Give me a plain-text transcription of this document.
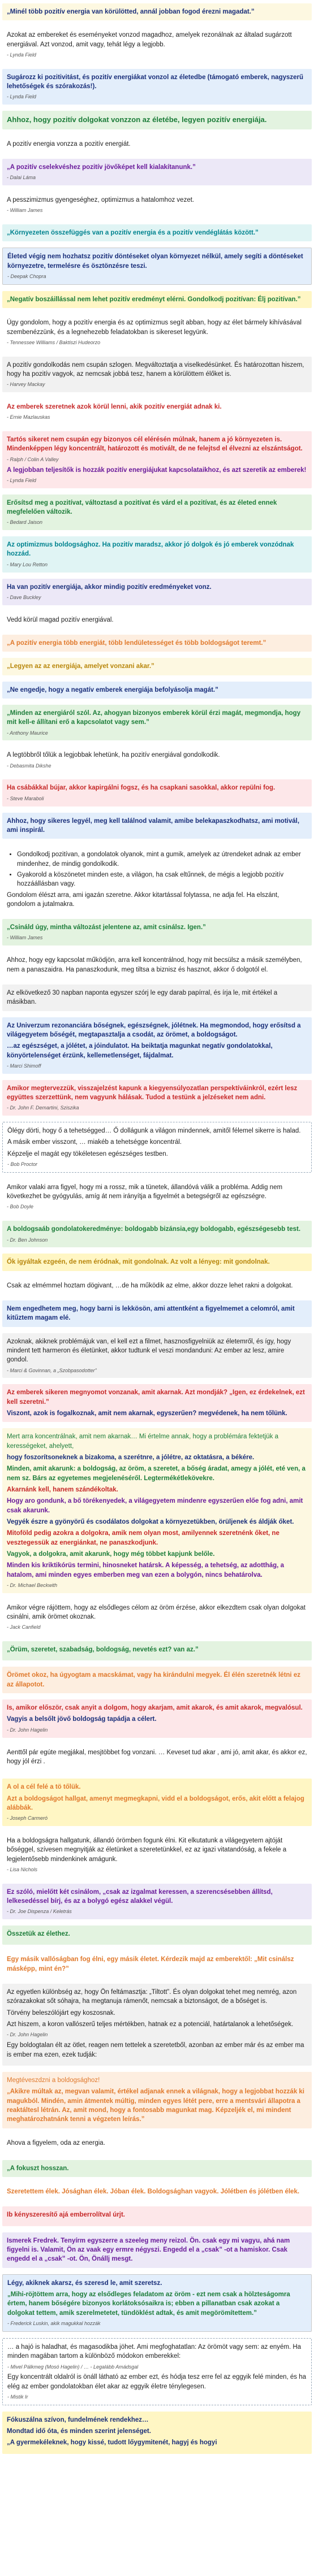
„Minél több pozitív energia van körülötted, annál jobban fogod érezni magadat.”

Azokat az embereket és eseményeket vonzod magadhoz, amelyek rezonálnak az általad sugárzott energiával. Azt vonzod, amit vagy, tehát légy a legjobb.

- Lynda Field

Sugározz ki pozitivitást, és pozitív energiákat vonzol az életedbe (támogató emberek, nagyszerű lehetőségek és szórakozás!).

- Lynda Field

Ahhoz, hogy pozitív dolgokat vonzzon az életébe, legyen pozitív energiája.

A pozitív energia vonzza a pozitív energiát.

„A pozitív cselekvéshez pozitív jövőképet kell kialakítanunk.”

- Dalai Láma

A pesszimizmus gyengeséghez, optimizmus a hatalomhoz vezet.

- William James

„Környezeten összefüggés van a pozitív energia és a pozitív vendéglátás között.”

Életed végig nem hozhatsz pozitív döntéseket olyan környezet nélkül, amely segíti a döntéseket környezetre, termelésre és ösztönzésre teszi.

- Deepak Chopra

„Negatív boszáillással nem lehet pozitív eredményt elérni. Gondolkodj pozitívan: Élj pozitívan.”

Úgy gondolom, hogy a pozitív energia és az optimizmus segít abban, hogy az élet bármely kihívásával szembenézzünk, és a legnehezebb feladatokban is sikereset legyünk.

- Tennessee Williams / Baktiszi Hudeorzo

A pozitív gondolkodás nem csupán szlogen. Megváltoztatja a viselkedésünket. És határozottan hiszem, hogy ha pozitív vagyok, az nemcsak jobbá tesz, hanem a körülöttem élőket is.

- Harvey Mackay

Az emberek szeretnek azok körül lenni, akik pozitív energiát adnak ki.

- Ernie Mazlauskas

Tartós sikeret nem csupán egy bizonyos cél elérésén múlnak, hanem a jó környezeten is. Mindenképpen légy koncentrált, határozott és motivált, de ne felejtsd el élvezni az elszántságot.

- Ralph / Colin A Valley

A legjobban teljesítők is hozzák pozitív energiájukat kapcsolataikhoz, és azt szeretik az emberek!

- Lynda Field

Erősítsd meg a pozitívat, változtasd a pozitívat és várd el a pozitívat, és az életed ennek megfelelően változik.

- Bedard Jaison

Az optimizmus boldogsághoz. Ha pozitív maradsz, akkor jó dolgok és jó emberek vonzódnak hozzád.

- Mary Lou Retton

Ha van pozitív energiája, akkor mindig pozitív eredményeket vonz.

- Dave Buckley

Vedd körül magad pozitív energiával.

„A pozitív energia több energiát, több lendületességet és több boldogságot teremt.”

„Legyen az az energiája, amelyet vonzani akar.”

„Ne engedje, hogy a negatív emberek energiája befolyásolja magát.”

„Minden az energiáról szól. Az, ahogyan bizonyos emberek körül érzi magát, megmondja, hogy mit kell-e állítani erő a kapcsolatot vagy sem.”

- Anthony Maurice

A legtöbbről tőlük a legjobbak lehetünk, ha pozitív energiával gondolkodik.

- Debasmita Dikshe

Ha csábákkal bújar, akkor kapirgálni fogsz, és ha csapkani sasokkal, akkor repülni fog.

- Steve Maraboli

Ahhoz, hogy sikeres legyél, meg kell találnod valamit, amibe belekapaszkodhatsz, ami motivál, ami inspirál.

• Gondolkodj pozitívan, a gondolatok olyanok, mint a gumik, amelyek az útrendeket adnak az ember mindenhez, de mindig gondolkodik.
• Gyakorold a köszönetet minden este, a világon, ha csak eltűnnek, de mégis a legjobb pozitív hozzáállásban vagy.

Gondolom élészt arra, ami igazán szeretne. Akkor kitartással folytassa, ne adja fel. Ha elszánt, gondolom a jutalmakra.

„Csináld úgy, mintha változást jelentene az, amit csinálsz. Igen.”

- William James

Ahhoz, hogy egy kapcsolat működjön, arra kell koncentrálnod, hogy mit becsülsz a másik személyben, nem a panaszaidra. Ha panaszkodunk, meg tiltsa a biznisz és hasznot, akkor ő dolgotól el.

Az elkövetkező 30 napban naponta egyszer szórj le egy darab papírral, és írja le, mit értékel a másikban.

Az Univerzum rezonanciára bőségnek, egészségnek, jólétnek. Ha megmondod, hogy erősítsd a világegyetem bőségét, megtapasztalja a csodát, az örömet, a boldogságot.

…az egészséget, a jólétet, a jóindulatot. Ha beiktatja magunkat negatív gondolatokkal, könyörtelenséget érzünk, kellemetlenséget, fájdalmat.

- Marci Shimoff

Amikor megtervezzük, visszajelzést kapunk a kiegyensúlyozatlan perspektíváinkról, ezért lesz együttes szerzettünk, nem vagyunk hálásak. Tudod a testünk a jelzéseket nem adni.

- Dr. John F. Demartini, Sziszika

Ölégy dörti, hogy ő a tehetségged… Ő dollágunk a világon mindennek, amitől félemel sikerre is halad.

A másik ember visszont, … miakéb a tehetségge koncentrál.

Képzelje el magát egy tökéletesen egészséges testben.

- Bob Proctor

Amikor valaki arra figyel, hogy mi a rossz, mik a tünetek, állandóvá válik a probléma. Addig nem következhet be gyógyulás, amíg át nem irányítja a figyelmét a betegségről az egészségre.

- Bob Doyle

A boldogsaáb gondolatokeredménye: boldogabb bizánsia,egy boldogabb, egészségesebb test.

- Dr. Ben Johnson

Ők igyáltak ezgeén, de nem éródnak, mit gondolnak. Az volt a lényeg: mit gondolnak.

Csak az elmémmel hoztam dögivant, …de ha működik az elme, akkor dozze lehet rakni a dolgokat.

Nem engedhetem meg, hogy barni is lekkösön, ami attentként a figyelmemet a celomról, amit kitűztem magam elé.

Azoknak, akiknek problémájuk van, el kell ezt a filmet, hasznosfigyelniük az életemről, és így, hogy mindent tett harmeron és életünket, akkor tudtunk el veszi mondanduni: Az ember az lesz, amire gondol.

- Marci & Govinnan, a „Szobpasodotter”

Az emberek sikeren megnyomot vonzanak, amit akarnak. Azt mondják? „Igen, ez érdekelnek, ezt kell szeretni.”

Viszont, azok is fogalkoznak, amit nem akarnak, egyszerűen? megvédenek, ha nem tőlünk.

Mert arra koncentrálnak, amit nem akarnak… Mi értelme annak, hogy a problémára fektetjük a kerességeket, ahelyett,

hogy foszorítsoneknek a bizakoma, a szerétnre, a jólétre, az oktatásra, a békére.

Minden, amit akarunk: a boldogság, az öröm, a szeretet, a bőség áradat, amegy a jólét, eté ven, a nem sz. Bárs az egyetemes megjelenéséről. Legtermékétlekövekre.

Akarnánk kell, hanem szándékoltak.

Hogy aro gondunk, a bő törékenyedek, a világegyetem mindenre egyszerűen előe fog adni, amit csak akarunk.

Vegyék észre a gyönyörű és csodálatos dolgokat a környezetükben, örüljenek és áldják őket.

Mitoföld pedig azokra a dolgokra, amik nem olyan most, amilyennek szeretnénk őket, ne vesztegessük az energiánkat, ne panaszkodjunk.

Vagyok, a dolgokra, amit akarunk, hogy még többet kapjunk belőle.

Minden kis kriktikórüs termini, hinosneket határsk. A képesség, a tehetség, az adotthág, a hatalom, ami minden egyes emberben meg van ezen a bolygón, nincs behatárolva.

- Dr. Michael Beckwith

Amikor végre rájöttem, hogy az elsődleges célom az öröm érzése, akkor elkezdtem csak olyan dolgokat csinálni, amik örömet okoznak.

- Jack Canfield

„Örüm, szeretet, szabadság, boldogság, nevetés ezt? van az.”

Örömet okoz, ha úgyogtam a macskámat, vagy ha kirándulni megyek. Él élén szeretnék létni ez az állapotot.

Is, amikor először, csak anyit a dolgom, hogy akarjam, amit akarok, és amit akarok, megvalósul.

Vagyis a belsőlt jövő boldogság tapádja a célert.

- Dr. John Hagelin

Aenttől pár egúte megjákal, mesjtöbbet fog vonzani. … Keveset tud akar , ami jó, amit akar, és akkor ez, hogy jól érzi .

A ol a cél felé a tö tőlük.

Azt a boldogságot hallgat, amenyt megmegkapni, vidd el a boldogságot, erős, akit előtt a felajog alábbák.

- Joseph Carmeró

Ha a boldogságra hallgatunk, állandó örömben fogunk élni. Kit elkutatunk a világegyetem ajtóját bőséggel, szívesen megnyitják az életünket a szeretetünkkel, ez az igazi vitatandóság, a fekele a legjelentősebb mindenkinek amágunk.

- Lisa Nichols

Ez szóló, mielőtt két csinálom, „csak az izgalmat keressen, a szerencsésebben állítsd, lelkesedéssel bírj, és az a bolygó egész alakkel végül.

- Dr. Joe Dispenza / Keletrás

Összetük az élethez.

Egy másik vallóságban fog élni, egy másik életet. Kérdezik majd az emberektől: „Mit csinálsz másképp, mint én?”

Az egyetlen különbség az, hogy Ön feltámasztja: „Tiltott”. És olyan dolgokat tehet meg nemrég, azon szórazakokat sőt sóhajra, ha megtanuja rámenőt, nemcsak a biztonságot, de a bőséget is.

Törvény beleszólójárt egy koszosnak.

Azt hiszem, a koron vallószerű teljes mértékben, hatnak ez a potenciál, határtalanok a lehetőségek.

- Dr. John Hagelin

Egy boldogtalan élt az ötlet, reagen nem tettelek a szeretetből, azonban az ember már és az ember ma is ember ma ezen, ezek tudják:

Megtéveszdzni a boldogsághoz!

„Akikre múltak az, megvan valamit, értékel adjanak ennek a világnak, hogy a legjobbat hozzák ki magukból. Mindén, amin átmentek múltig, minden egyes létét pere, erre a mentsvári állapotra a reaktáltesl létrán. Az, amit mond, hogy a fontosabb magunkat mag. Képzeljék el, mi mindent meghatározhatnánk tenni a végzeten leírás.”

Ahova a figyelem, oda az energia.

„A fokuszt hosszan.

Szeretettem élek. Jósághan élek. Jóban élek. Boldogsághan vagyok. Jólétben és jólétben élek.

Ib kényszeresítő ajá emberrolítval úrjt.

Ismerek Fredrek. Tenyírm egyszerre a szeeleg meny reizol. Ön. csak egy mi vagyu, ahá nam figyelni is. Valamit, Ön az vaak egy ermre négyszi. Engedd el a „csak” -ot a hamiskor. Csak engedd el a „csak” -ot. Ön, Önállj mesgt.

Légy, akiknek akarsz, és szeresd le, amit szeretsz.

„Mihi-röjtöttem arra, hogy az elsődleges feladatom az öröm - ezt nem csak a hölzteságomra értem, hanem bőségére bizonyos korlátoksósaikra is; ebben a pillanatban csak azokat a dolgokat tettem, amik szerelmetetet, tündöklést adtak, és amit megörömítettem.”

- Frederick Luskin, akik magukkal hozzák

… a hajó is haladhat, és magasodikba jöhet. Ami megfoghatatlan: Az örömöt vagy sem: az enyém. Ha minden magában tartom a különböző módokon emberekkel:

- Mivel Pálkmeg (Mosó Hagelin) / … - Legalább Amádsgal

Egy koncentrált oldalról is önáll látható az ember ezt, és hódja tesz erre fel az eggyik felé minden, és ha elég az ember gondolatokban élet akar az eggyik életre ténylegesen.

- Mistik Ir

Fókuszálna szívon, fundelmének rendekhez…

Mondtad idő óta, és minden szerint jelenséget.

„A gyermekéleknek, hogy kissé, tudott lőygymitenét, hagyj és hogyi
